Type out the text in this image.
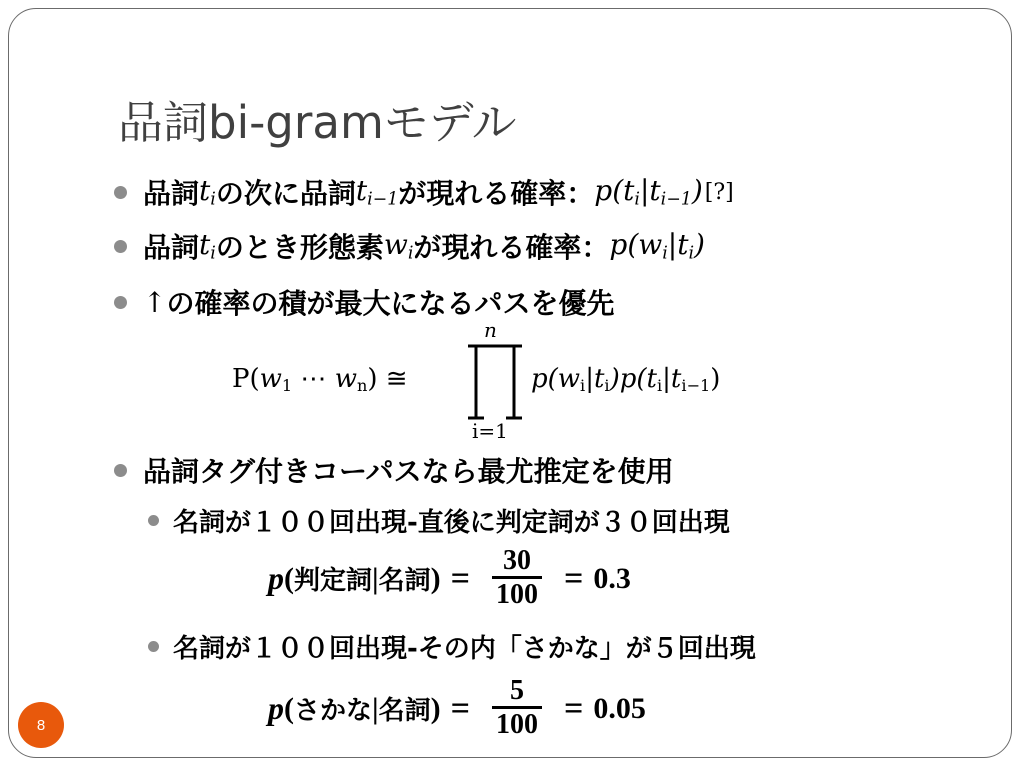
品詞bi-gramモデル
品詞 $t_i$ の次に品詞 $t_{i-1}$ が現れる確率： $p(t_i|t_{i-1})$ [?]
品詞 $t_i$ のとき形態素 $w_i$ が現れる確率： $p(w_i|t_i)$
↑ の確率の積が最大になるパスを優先
$P(w_1$ ⋯ $w_n$) ≅
n
i=1
$p(w_i|t_i)p(t_i|t_{i-1})$
品詞タグ付きコーパスなら最尤推定を使用
名詞が１００回出現-直後に判定詞が３０回出現
p ( 判定詞 | 名詞 ) = $\frac{30}{100} = 0.3$
名詞が１００回出現-その内「さかな」が５回出現
p ( さかな | 名詞 ) = $\frac{5}{100} = 0.05$
8
